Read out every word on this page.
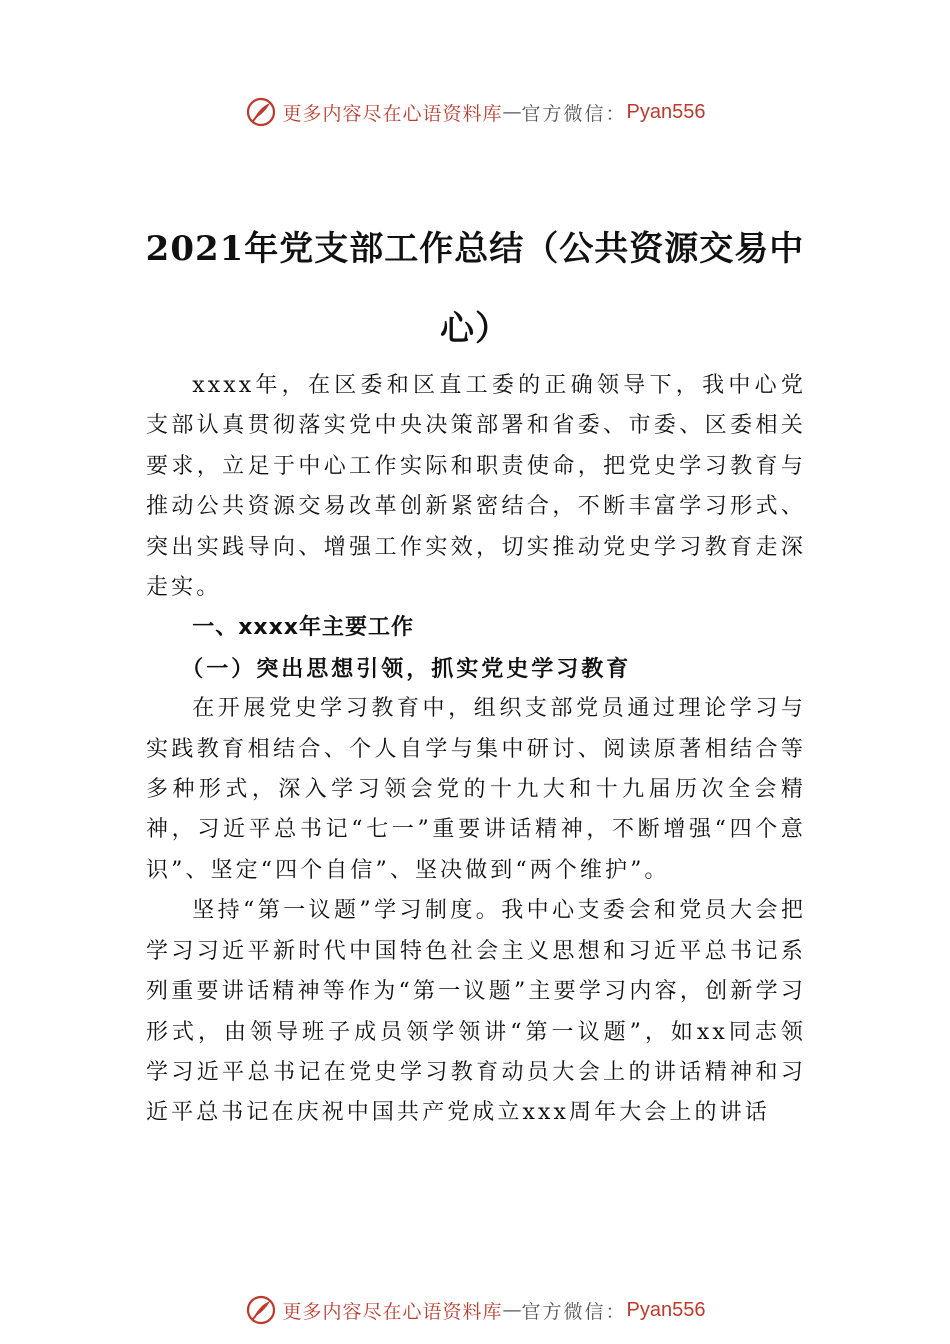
更多内容尽在心语资料库 — 官方微信： Pyan556
2021年党支部工作总结（公共资源交易中心）

xxxx年，在区委和区直工委的正确领导下，我中心党支部认真贯彻落实党中央决策部署和省委、市委、区委相关要求，立足于中心工作实际和职责使命，把党史学习教育与推动公共资源交易改革创新紧密结合，不断丰富学习形式、突出实践导向、增强工作实效，切实推动党史学习教育走深走实。

一、xxxx年主要工作

（一）突出思想引领，抓实党史学习教育

在开展党史学习教育中，组织支部党员通过理论学习与实践教育相结合、个人自学与集中研讨、阅读原著相结合等多种形式，深入学习领会党的十九大和十九届历次全会精神，习近平总书记“七一”重要讲话精神，不断增强“四个意识”、坚定“四个自信”、坚决做到“两个维护”。

坚持“第一议题”学习制度。我中心支委会和党员大会把学习习近平新时代中国特色社会主义思想和习近平总书记系列重要讲话精神等作为“第一议题”主要学习内容，创新学习形式，由领导班子成员领学领讲“第一议题”，如xx同志领学习近平总书记在党史学习教育动员大会上的讲话精神和习近平总书记在庆祝中国共产党成立xxx周年大会上的讲话

更多内容尽在心语资料库 — 官方微信： Pyan556
